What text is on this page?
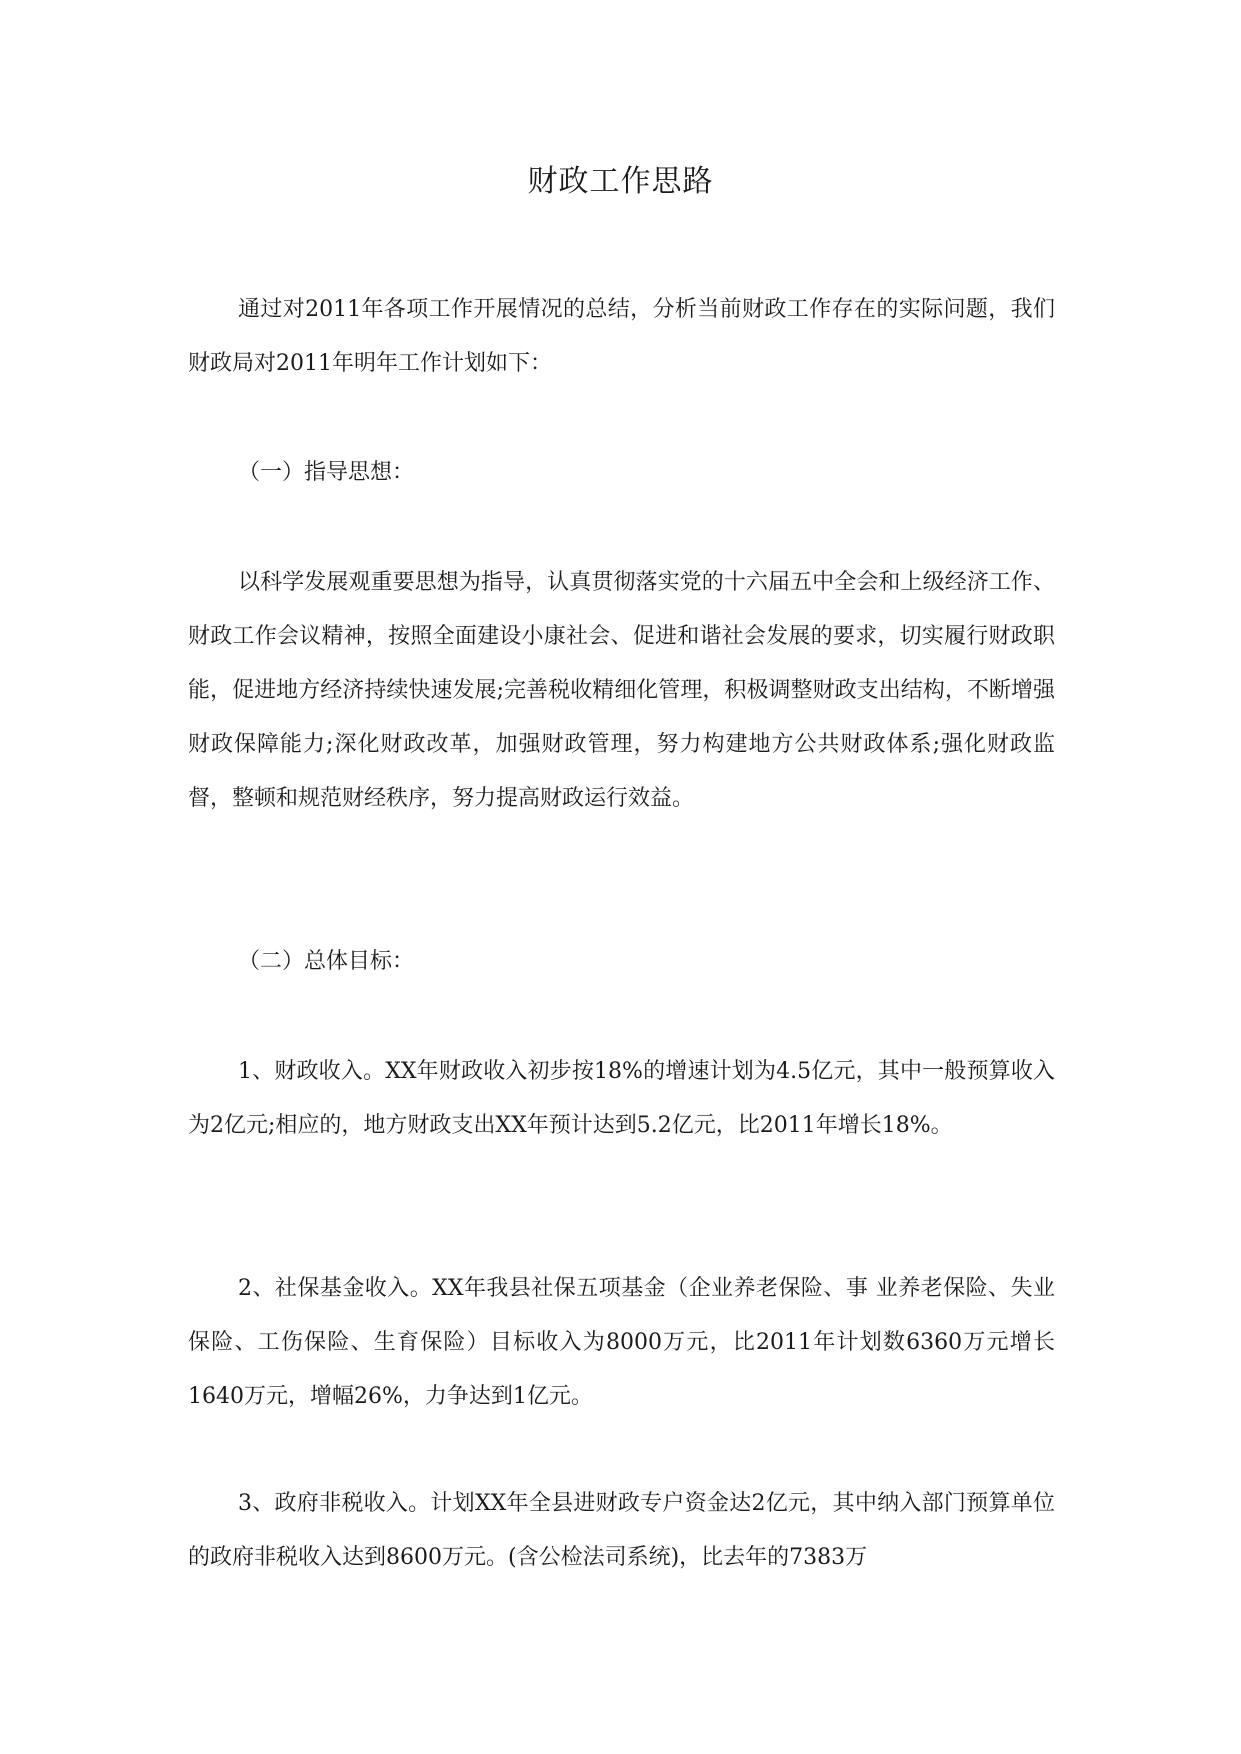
财政工作思路

通过对2011年各项工作开展情况的总结，分析当前财政工作存在的实际问题，我们财政局对2011年明年工作计划如下：

（一）指导思想：

以科学发展观重要思想为指导，认真贯彻落实党的十六届五中全会和上级经济工作、财政工作会议精神，按照全面建设小康社会、促进和谐社会发展的要求，切实履行财政职能，促进地方经济持续快速发展;完善税收精细化管理，积极调整财政支出结构，不断增强财政保障能力;深化财政改革，加强财政管理，努力构建地方公共财政体系;强化财政监督，整顿和规范财经秩序，努力提高财政运行效益。

（二）总体目标：

1、财政收入。XX年财政收入初步按18%的增速计划为4.5亿元，其中一般预算收入为2亿元;相应的，地方财政支出XX年预计达到5.2亿元，比2011年增长18%。

2、社保基金收入。XX年我县社保五项基金（企业养老保险、事 业养老保险、失业保险、工伤保险、生育保险）目标收入为8000万元，比2011年计划数6360万元增长1640万元，增幅26%，力争达到1亿元。

3、政府非税收入。计划XX年全县进财政专户资金达2亿元，其中纳入部门预算单位的政府非税收入达到8600万元。(含公检法司系统)，比去年的7383万
